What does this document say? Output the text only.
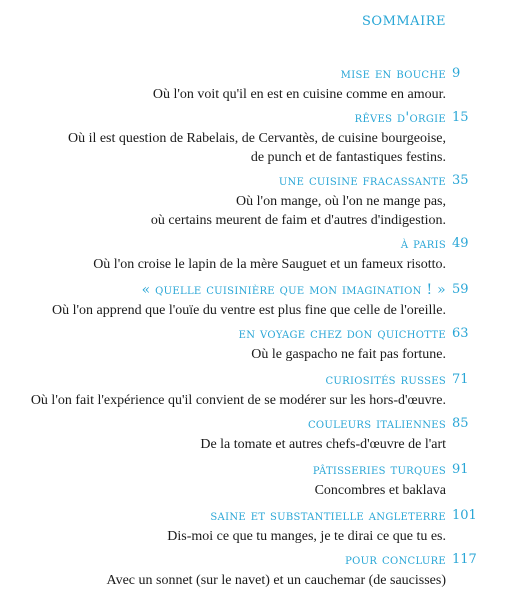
sommaire
mise en bouche 9
Où l'on voit qu'il en est en cuisine comme en amour.
rêves d'orgie 15
Où il est question de Rabelais, de Cervantès, de cuisine bourgeoise,
de punch et de fantastiques festins.
une cuisine fracassante 35
Où l'on mange, où l'on ne mange pas,
où certains meurent de faim et d'autres d'indigestion.
à paris 49
Où l'on croise le lapin de la mère Sauguet et un fameux risotto.
« quelle cuisinière que mon imagination ! » 59
Où l'on apprend que l'ouïe du ventre est plus fine que celle de l'oreille.
en voyage chez don quichotte 63
Où le gaspacho ne fait pas fortune.
curiosités russes 71
Où l'on fait l'expérience qu'il convient de se modérer sur les hors-d'œuvre.
couleurs italiennes 85
De la tomate et autres chefs-d'œuvre de l'art
pâtisseries turques 91
Concombres et baklava
saine et substantielle angleterre 101
Dis-moi ce que tu manges, je te dirai ce que tu es.
pour conclure 117
Avec un sonnet (sur le navet) et un cauchemar (de saucisses)
